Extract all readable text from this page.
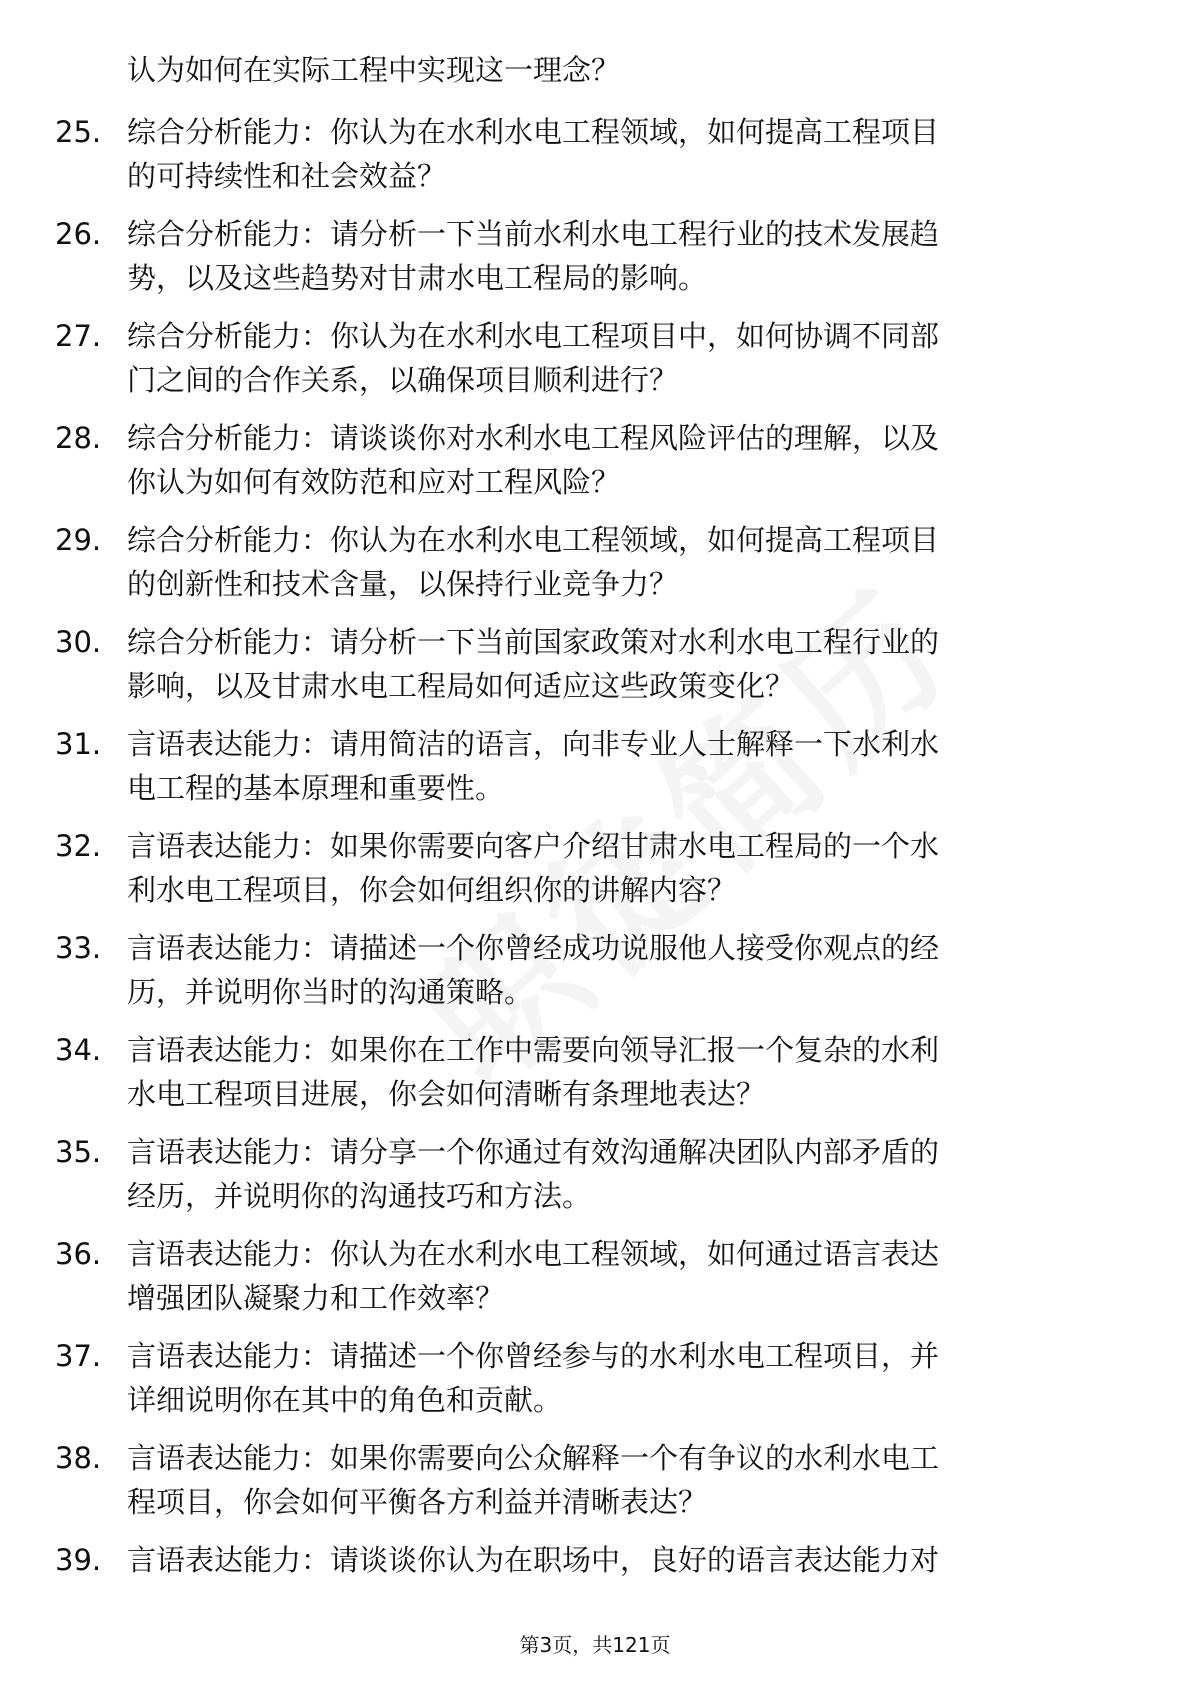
认为如何在实际工程中实现这一理念？
25. 综合分析能力：你认为在水利水电工程领域，如何提高工程项目
的可持续性和社会效益？
26. 综合分析能力：请分析一下当前水利水电工程行业的技术发展趋
势，以及这些趋势对甘肃水电工程局的影响。
27. 综合分析能力：你认为在水利水电工程项目中，如何协调不同部
门之间的合作关系，以确保项目顺利进行？
28. 综合分析能力：请谈谈你对水利水电工程风险评估的理解，以及
你认为如何有效防范和应对工程风险？
29. 综合分析能力：你认为在水利水电工程领域，如何提高工程项目
的创新性和技术含量，以保持行业竞争力？
30. 综合分析能力：请分析一下当前国家政策对水利水电工程行业的
影响，以及甘肃水电工程局如何适应这些政策变化？
31. 言语表达能力：请用简洁的语言，向非专业人士解释一下水利水
电工程的基本原理和重要性。
32. 言语表达能力：如果你需要向客户介绍甘肃水电工程局的一个水
利水电工程项目，你会如何组织你的讲解内容？
33. 言语表达能力：请描述一个你曾经成功说服他人接受你观点的经
历，并说明你当时的沟通策略。
34. 言语表达能力：如果你在工作中需要向领导汇报一个复杂的水利
水电工程项目进展，你会如何清晰有条理地表达？
35. 言语表达能力：请分享一个你通过有效沟通解决团队内部矛盾的
经历，并说明你的沟通技巧和方法。
36. 言语表达能力：你认为在水利水电工程领域，如何通过语言表达
增强团队凝聚力和工作效率？
37. 言语表达能力：请描述一个你曾经参与的水利水电工程项目，并
详细说明你在其中的角色和贡献。
38. 言语表达能力：如果你需要向公众解释一个有争议的水利水电工
程项目，你会如何平衡各方利益并清晰表达？
39. 言语表达能力：请谈谈你认为在职场中，良好的语言表达能力对
第3页，共121页
